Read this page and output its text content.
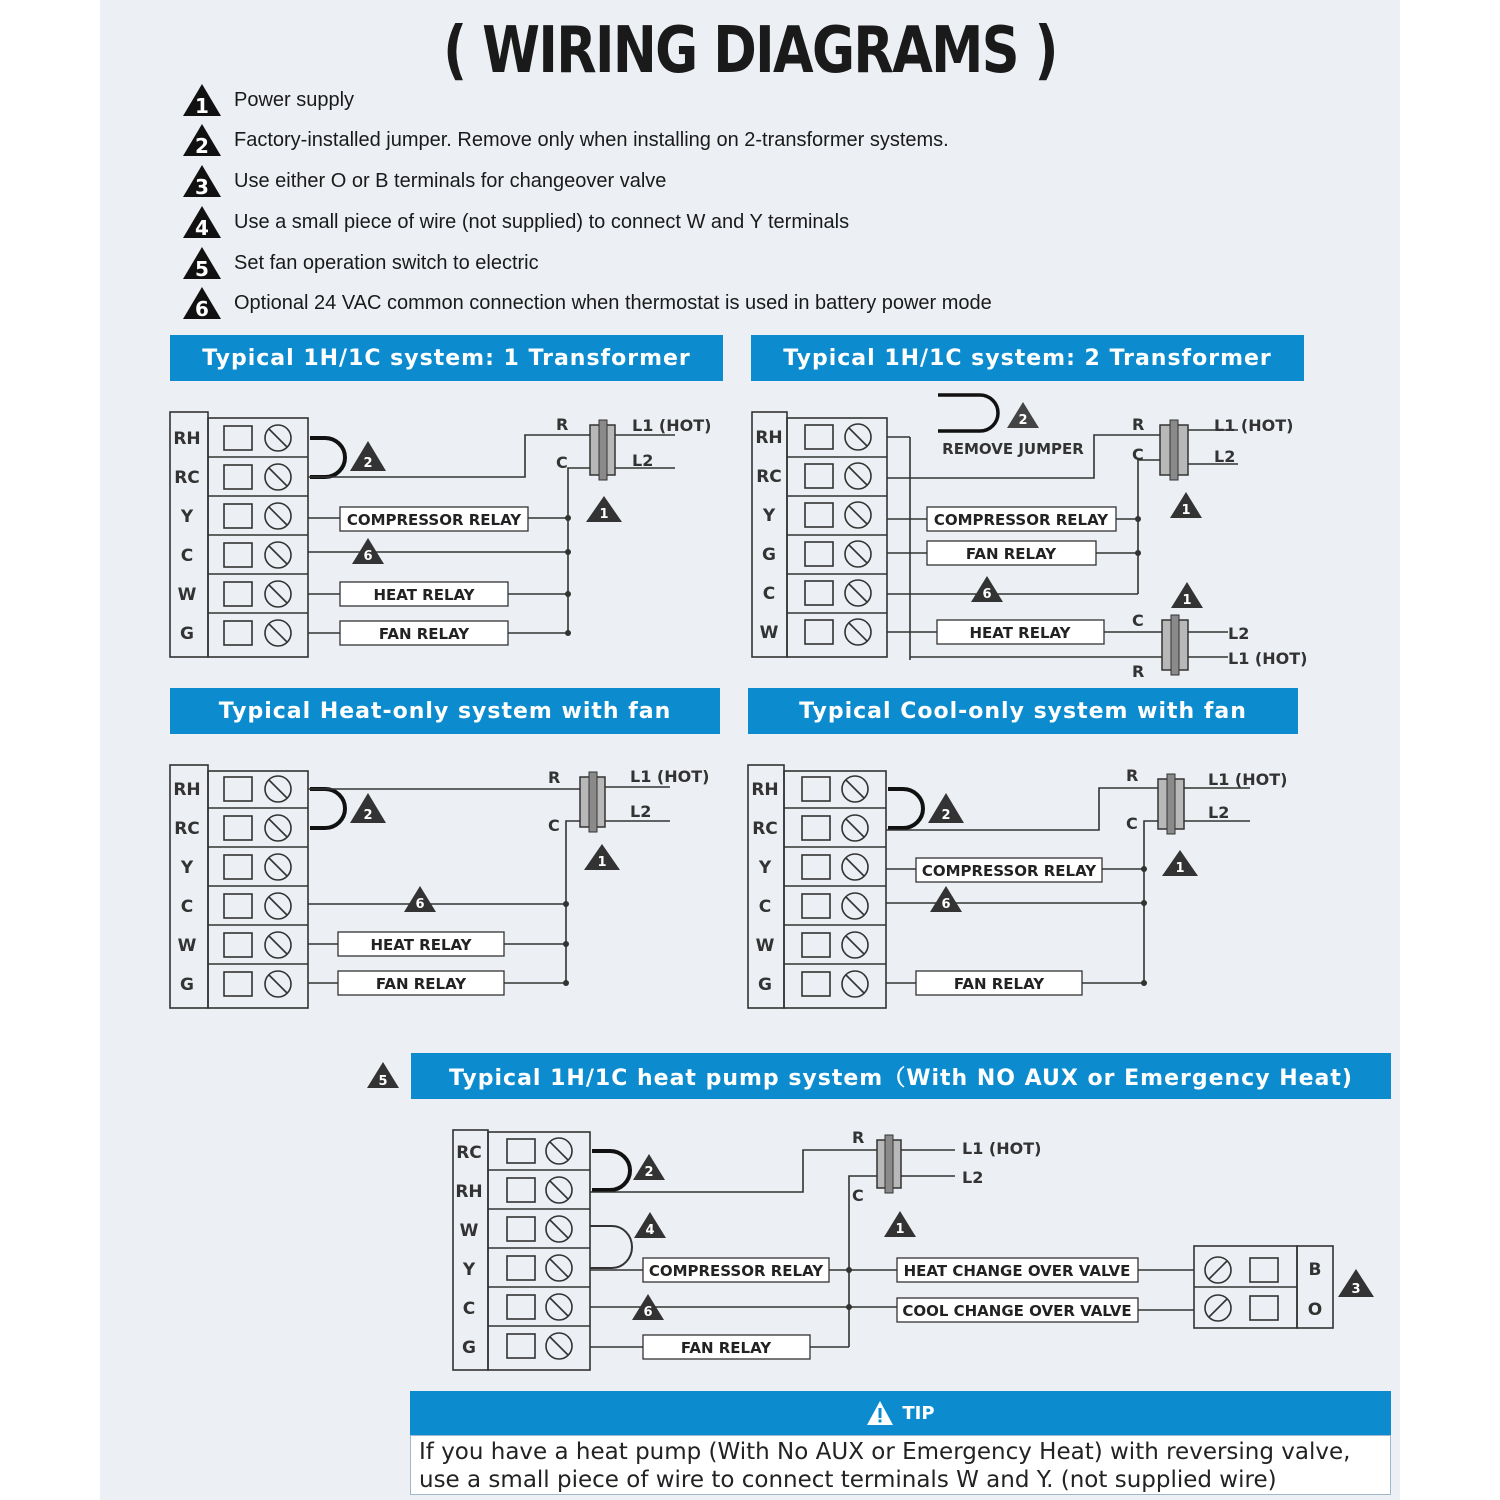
( WIRING DIAGRAMS )
1 Power supply
2 Factory-installed jumper. Remove only when installing on 2-transformer systems.
3 Use either O or B terminals for changeover valve
4 Use a small piece of wire (not supplied) to connect W and Y terminals
5 Set fan operation switch to electric
6 Optional 24 VAC common connection when thermostat is used in battery power mode
Typical 1H/1C system: 1 Transformer	Typical 1H/1C system: 2 Transformer
Typical Heat-only system with fan	Typical Cool-only system with fan
Typical 1H/1C heat pump system（With NO AUX or Emergency Heat)
5
RH
RC
Y
C
W
G
COMPRESSOR RELAY
HEAT RELAY
FAN RELAY
R
C
L1 (HOT)
L2
2
1
6
RH
RC
Y
G
C
W
REMOVE JUMPER
COMPRESSOR RELAY
FAN RELAY
HEAT RELAY
R
C
L1 (HOT)
L2
C
R
L2
L1 (HOT)
2
1
6	1
RH
RC
Y
C
W
G
HEAT RELAY
FAN RELAY
R
C
L1 (HOT)
L2
2
1
6
RH
RC
Y
C
W
G
COMPRESSOR RELAY
FAN RELAY
R
C
L1 (HOT)
L2
2
1
6
RC
RH
W
Y
C
G
B
O
COMPRESSOR RELAY
FAN RELAY
HEAT CHANGE OVER VALVE
COOL CHANGE OVER VALVE
R
C
L1 (HOT)
L2
2
4	1
6
3
TIP
If you have a heat pump (With No AUX or Emergency Heat) with reversing valve,
use a small piece of wire to connect terminals W and Y. (not supplied wire)
